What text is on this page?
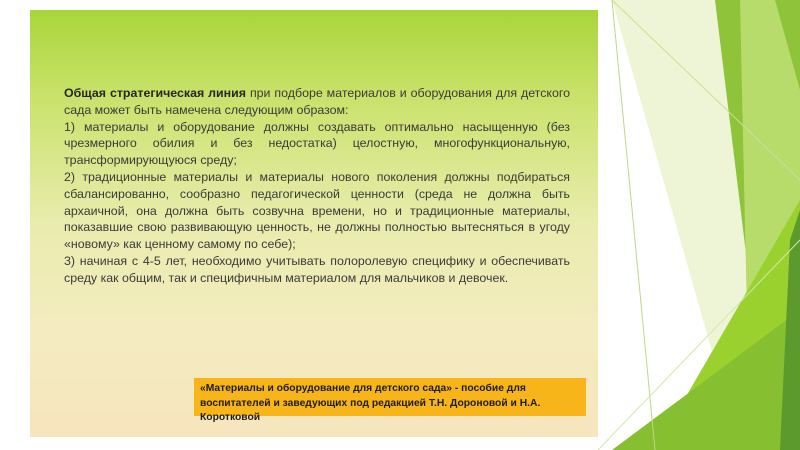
Общая стратегическая линия при подборе материалов и оборудования для детского сада может быть намечена следующим образом:

1) материалы и оборудование должны создавать оптимально насыщенную (без чрезмерного обилия и без недостатка) целостную, многофункциональную, трансформирующуюся среду;

2) традиционные материалы и материалы нового поколения должны подбираться сбалансированно, сообразно педагогической ценности (среда не должна быть архаичной, она должна быть созвучна времени, но и традиционные материалы, показавшие свою развивающую ценность, не должны полностью вытесняться в угоду «новому» как ценному самому по себе);

3) начиная с 4-5 лет, необходимо учитывать полоролевую специфику и обеспечивать среду как общим, так и специфичным материалом для мальчиков и девочек.

«Материалы и оборудование для детского сада» - пособие для воспитателей и заведующих под редакцией Т.Н. Дороновой и Н.А. Коротковой
